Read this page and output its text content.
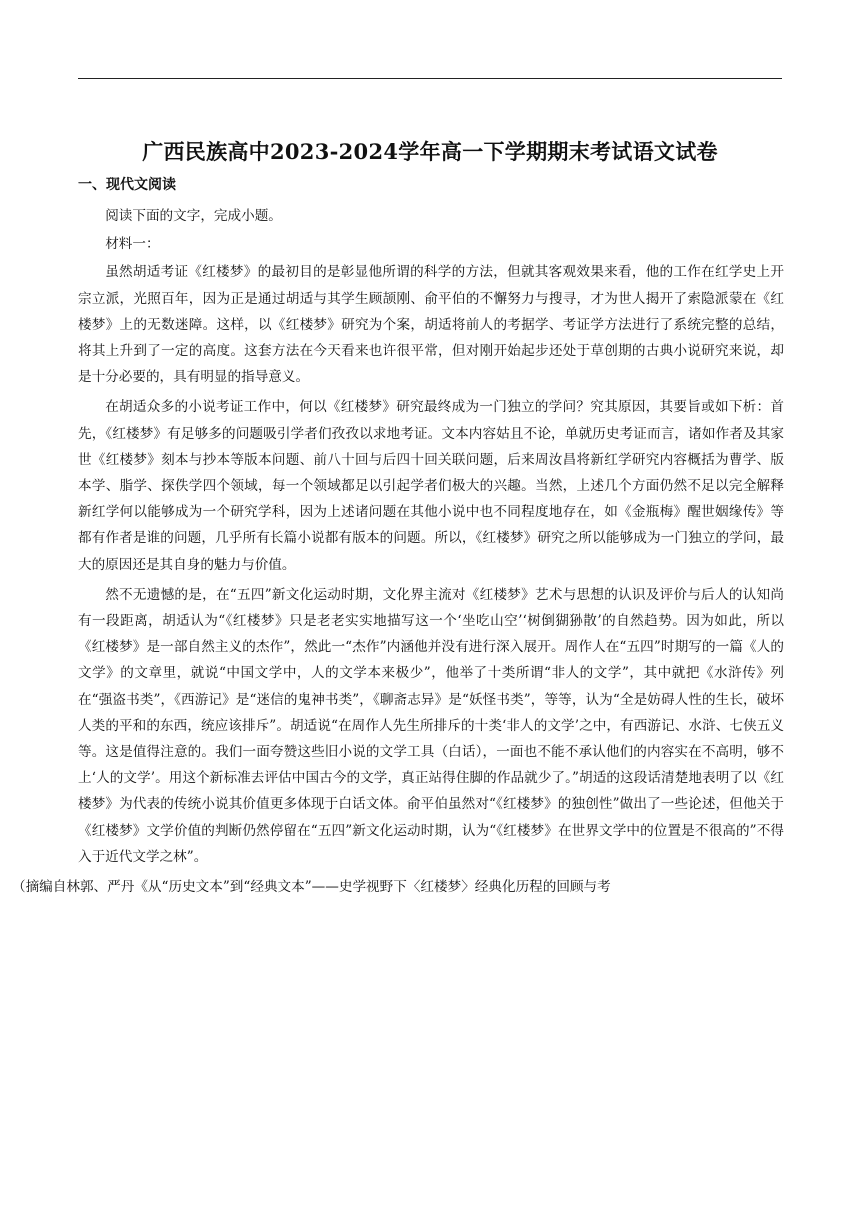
广西民族高中2023-2024学年高一下学期期末考试语文试卷
一、现代文阅读

阅读下面的文字，完成小题。

材料一：

虽然胡适考证《红楼梦》的最初目的是彰显他所谓的科学的方法，但就其客观效果来看，他的工作在红学史上开宗立派，光照百年，因为正是通过胡适与其学生顾颉刚、俞平伯的不懈努力与搜寻，才为世人揭开了索隐派蒙在《红楼梦》上的无数迷障。这样，以《红楼梦》研究为个案，胡适将前人的考据学、考证学方法进行了系统完整的总结，将其上升到了一定的高度。这套方法在今天看来也许很平常，但对刚开始起步还处于草创期的古典小说研究来说，却是十分必要的，具有明显的指导意义。

在胡适众多的小说考证工作中，何以《红楼梦》研究最终成为一门独立的学问？究其原因，其要旨或如下析：首先，《红楼梦》有足够多的问题吸引学者们孜孜以求地考证。文本内容姑且不论，单就历史考证而言，诸如作者及其家世《红楼梦》刻本与抄本等版本问题、前八十回与后四十回关联问题，后来周汝昌将新红学研究内容概括为曹学、版本学、脂学、探佚学四个领域，每一个领域都足以引起学者们极大的兴趣。当然，上述几个方面仍然不足以完全解释新红学何以能够成为一个研究学科，因为上述诸问题在其他小说中也不同程度地存在，如《金瓶梅》醒世姻缘传》等都有作者是谁的问题，几乎所有长篇小说都有版本的问题。所以，《红楼梦》研究之所以能够成为一门独立的学问，最大的原因还是其自身的魅力与价值。

然不无遗憾的是，在“五四”新文化运动时期，文化界主流对《红楼梦》艺术与思想的认识及评价与后人的认知尚有一段距离，胡适认为“《红楼梦》只是老老实实地描写这一个‘坐吃山空’‘树倒猢狲散’的自然趋势。因为如此，所以《红楼梦》是一部自然主义的杰作”，然此一“杰作”内涵他并没有进行深入展开。周作人在“五四”时期写的一篇《人的文学》的文章里，就说“中国文学中，人的文学本来极少”，他举了十类所谓“非人的文学”，其中就把《水浒传》列在“强盗书类”，《西游记》是“迷信的鬼神书类”，《聊斋志异》是“妖怪书类”，等等，认为“全是妨碍人性的生长，破坏人类的平和的东西，统应该排斥”。胡适说“在周作人先生所排斥的十类‘非人的文学’之中，有西游记、水浒、七侠五义等。这是值得注意的。我们一面夸赞这些旧小说的文学工具（白话），一面也不能不承认他们的内容实在不高明，够不上‘人的文学’。用这个新标准去评估中国古今的文学，真正站得住脚的作品就少了。”胡适的这段话清楚地表明了以《红楼梦》为代表的传统小说其价值更多体现于白话文体。俞平伯虽然对“《红楼梦》的独创性”做出了一些论述，但他关于《红楼梦》文学价值的判断仍然停留在“五四”新文化运动时期，认为“《红楼梦》在世界文学中的位置是不很高的”不得入于近代文学之林”。

（摘编自林郭、严丹《从“历史文本”到“经典文本”——史学视野下〈红楼梦〉经典化历程的回顾与考
